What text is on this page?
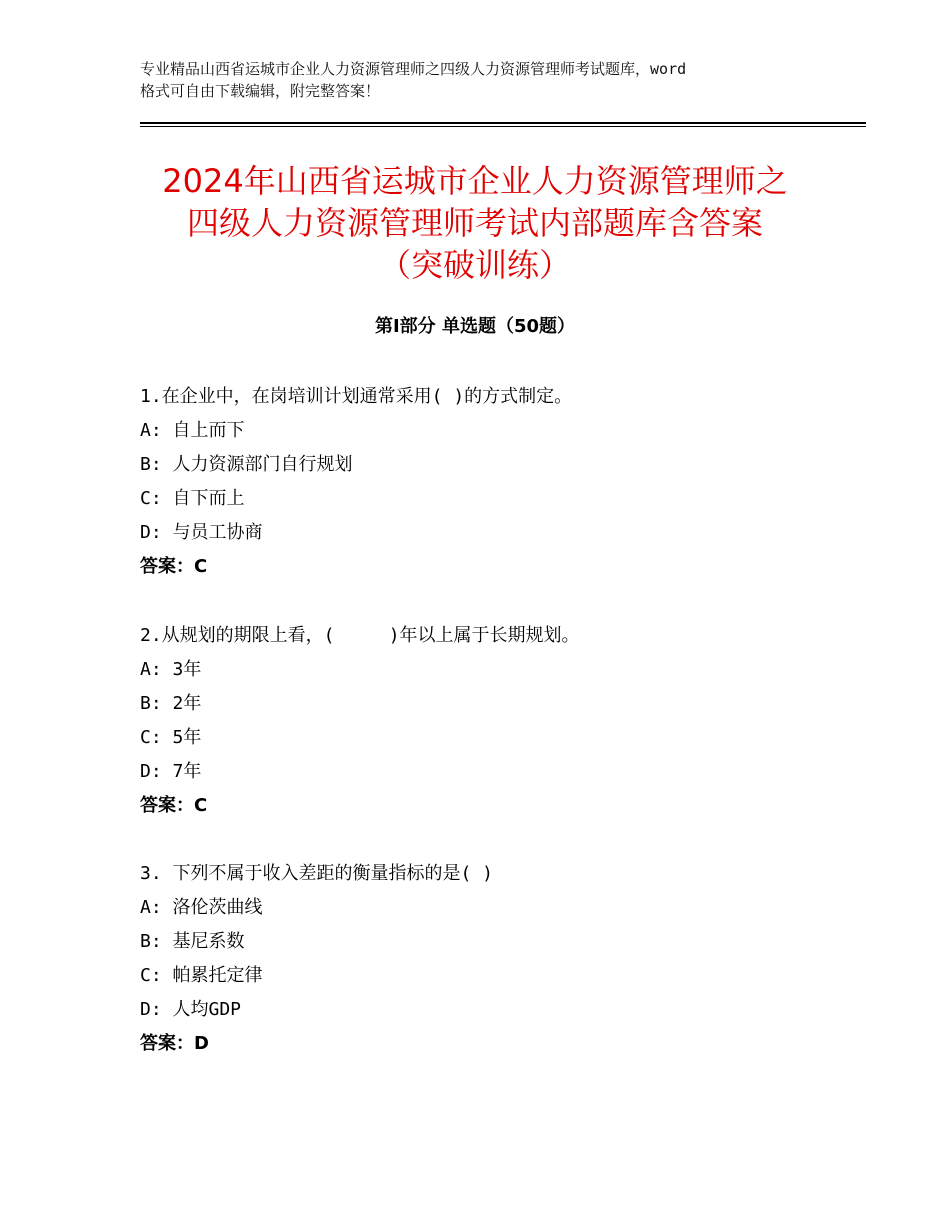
专业精品山西省运城市企业人力资源管理师之四级人力资源管理师考试题库，word
格式可自由下载编辑，附完整答案！
2024年山西省运城市企业人力资源管理师之
四级人力资源管理师考试内部题库含答案
（突破训练）
第Ⅰ部分 单选题（50题）
1.在企业中，在岗培训计划通常采用( )的方式制定。
A: 自上而下
B: 人力资源部门自行规划
C: 自下而上
D: 与员工协商
答案：C
2.从规划的期限上看，(     )年以上属于长期规划。
A: 3年
B: 2年
C: 5年
D: 7年
答案：C
3. 下列不属于收入差距的衡量指标的是( )
A: 洛伦茨曲线
B: 基尼系数
C: 帕累托定律
D: 人均GDP
答案：D
